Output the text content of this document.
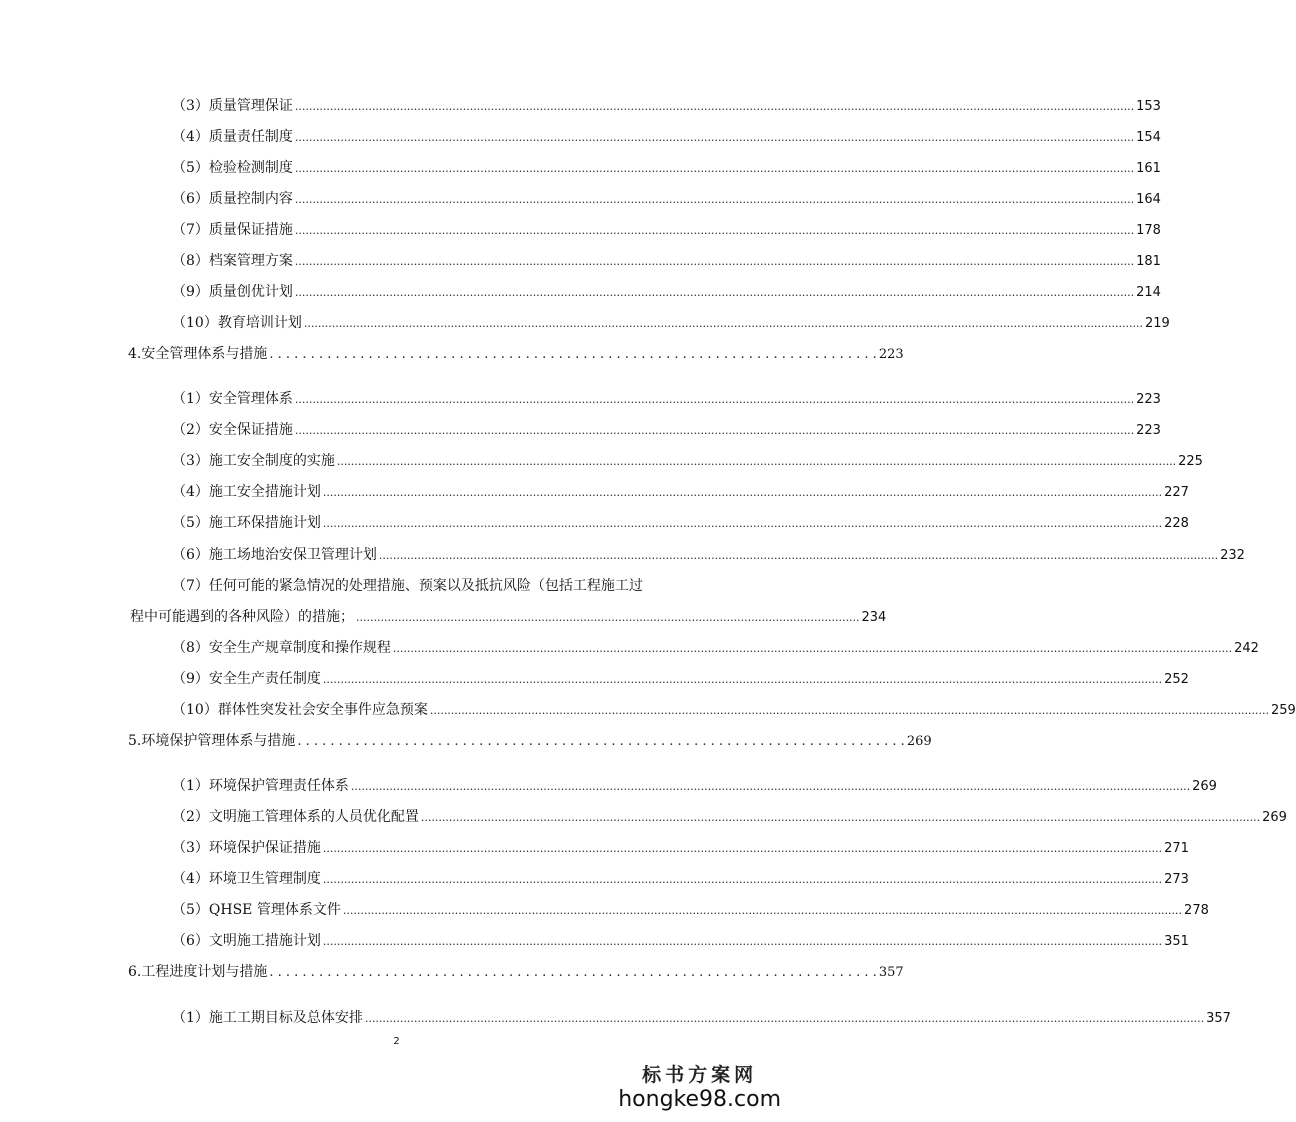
（3）质量管理保证 .....	153
（4）质量责任制度 .....	154
（5）检验检测制度 .....	161
（6）质量控制内容 .....	164
（7）质量保证措施 .....	178
（8）档案管理方案 .....	181
（9）质量创优计划 .....	214
（10）教育培训计划 .....	219
4.安全管理体系与措施 . . .	223
（1）安全管理体系 .....	223
（2）安全保证措施 .....	223
（3）施工安全制度的实施 .....	225
（4）施工安全措施计划 .....	227
（5）施工环保措施计划 .....	228
（6）施工场地治安保卫管理计划 .....	232
（7）任何可能的紧急情况的处理措施、预案以及抵抗风险（包括工程施工过
程中可能遇到的各种风险）的措施； ................................................................................................................................................ 234
（8）安全生产规章制度和操作规程 .....	242
（9）安全生产责任制度 .....	252
（10）群体性突发社会安全事件应急预案 .....	259
5.环境保护管理体系与措施 . . .	269
（1）环境保护管理责任体系 .....	269
（2）文明施工管理体系的人员优化配置 .....	269
（3）环境保护保证措施 .....	271
（4）环境卫生管理制度 .....	273
（5）QHSE 管理体系文件 .....	278
（6）文明施工措施计划 .....	351
6.工程进度计划与措施 . . .	357
（1）施工工期目标及总体安排 .....	357
2
标书方案网
hongke98.com
